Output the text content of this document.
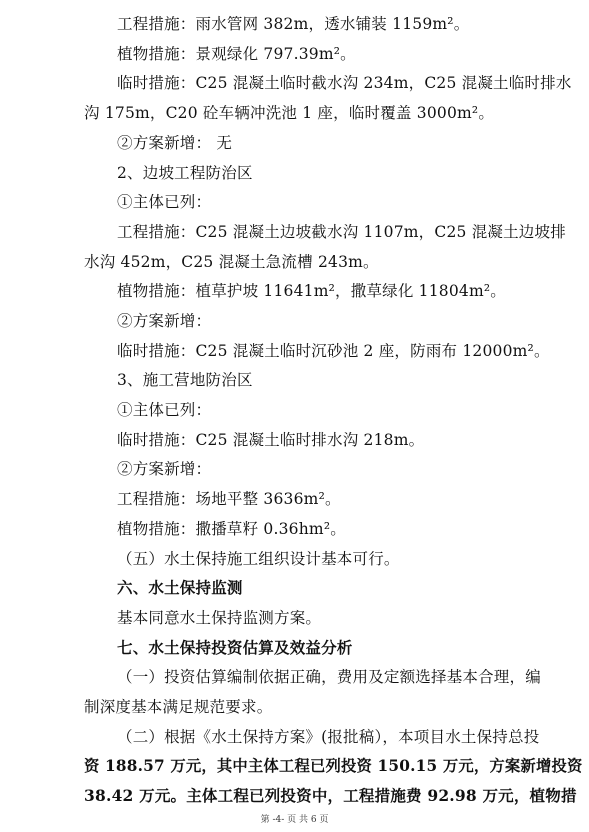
工程措施：雨水管网 382m，透水铺装 1159m²。
植物措施：景观绿化 797.39m²。
临时措施：C25 混凝土临时截水沟 234m，C25 混凝土临时排水
沟 175m，C20 砼车辆冲洗池 1 座，临时覆盖 3000m²。
②方案新增： 无
2、边坡工程防治区
①主体已列：
工程措施：C25 混凝土边坡截水沟 1107m，C25 混凝土边坡排
水沟 452m，C25 混凝土急流槽 243m。
植物措施：植草护坡 11641m²，撒草绿化 11804m²。
②方案新增：
临时措施：C25 混凝土临时沉砂池 2 座，防雨布 12000m²。
3、施工营地防治区
①主体已列：
临时措施：C25 混凝土临时排水沟 218m。
②方案新增：
工程措施：场地平整 3636m²。
植物措施：撒播草籽 0.36hm²。
（五）水土保持施工组织设计基本可行。
六、水土保持监测
基本同意水土保持监测方案。
七、水土保持投资估算及效益分析
（一）投资估算编制依据正确，费用及定额选择基本合理，编
制深度基本满足规范要求。
（二）根据《水土保持方案》(报批稿），本项目水土保持总投
资 188.57 万元，其中主体工程已列投资 150.15 万元，方案新增投资
38.42 万元。主体工程已列投资中，工程措施费 92.98 万元，植物措
第 -4- 页 共 6 页
